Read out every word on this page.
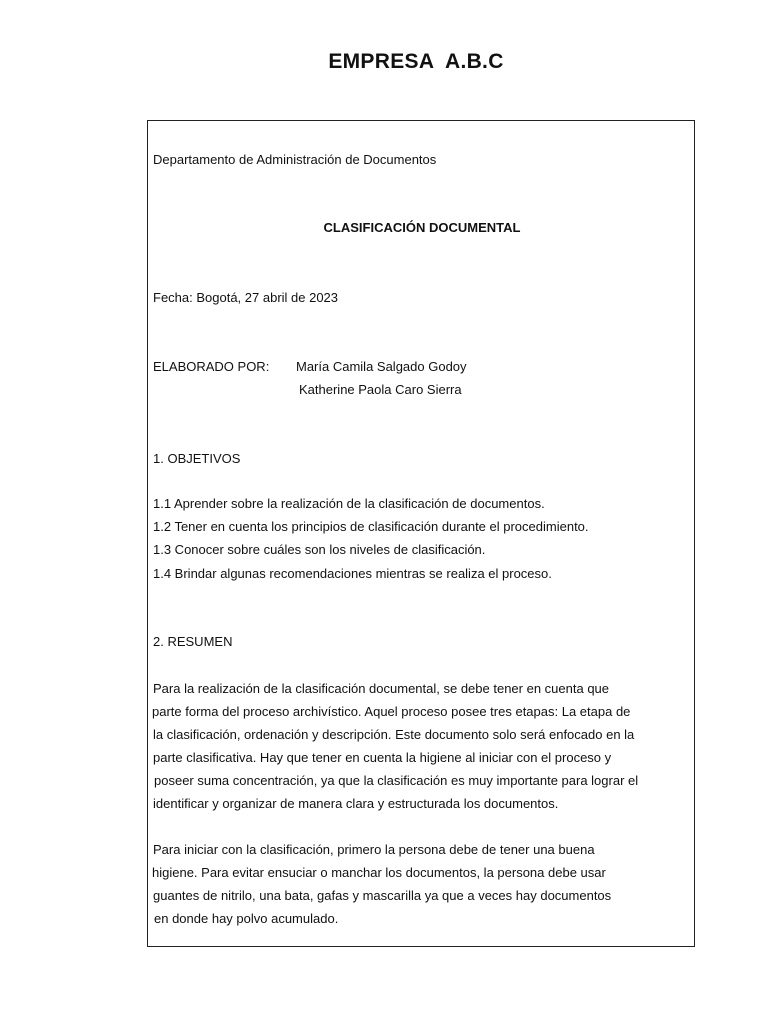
EMPRESA  A.B.C
Departamento de Administración de Documentos
CLASIFICACIÓN DOCUMENTAL
Fecha: Bogotá, 27 abril de 2023
ELABORADO POR: María Camila Salgado Godoy
Katherine Paola Caro Sierra
1. OBJETIVOS
1.1 Aprender sobre la realización de la clasificación de documentos.
1.2 Tener en cuenta los principios de clasificación durante el procedimiento.
1.3 Conocer sobre cuáles son los niveles de clasificación.
1.4 Brindar algunas recomendaciones mientras se realiza el proceso.
2. RESUMEN
Para la realización de la clasificación documental, se debe tener en cuenta que
parte forma del proceso archivístico. Aquel proceso posee tres etapas: La etapa de
la clasificación, ordenación y descripción. Este documento solo será enfocado en la
parte clasificativa. Hay que tener en cuenta la higiene al iniciar con el proceso y
poseer suma concentración, ya que la clasificación es muy importante para lograr el
identificar y organizar de manera clara y estructurada los documentos.
Para iniciar con la clasificación, primero la persona debe de tener una buena
higiene. Para evitar ensuciar o manchar los documentos, la persona debe usar
guantes de nitrilo, una bata, gafas y mascarilla ya que a veces hay documentos
en donde hay polvo acumulado.
